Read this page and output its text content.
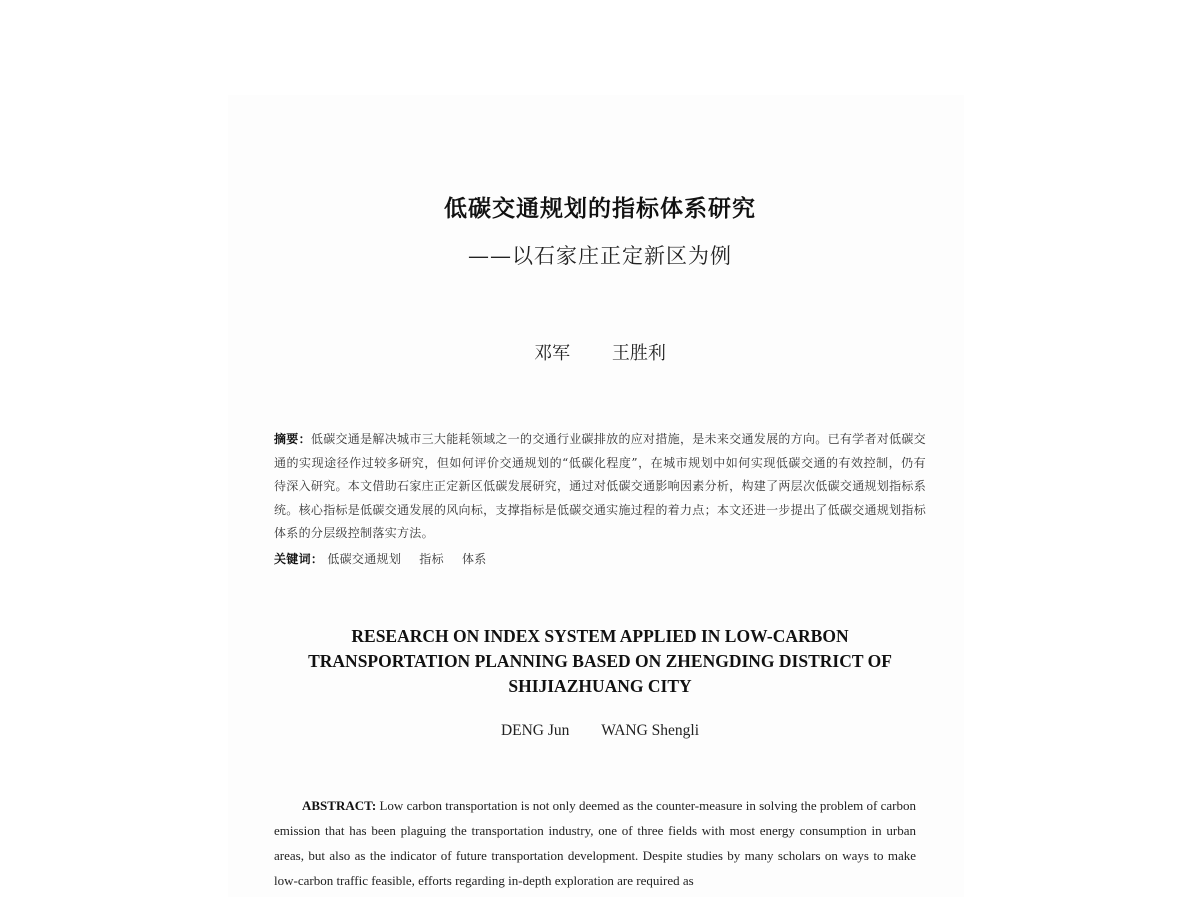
低碳交通规划的指标体系研究
——以石家庄正定新区为例
邓军 王胜利
摘要：低碳交通是解决城市三大能耗领域之一的交通行业碳排放的应对措施，是未来交通发展的方向。已有学者对低碳交通的实现途径作过较多研究，但如何评价交通规划的“低碳化程度”，在城市规划中如何实现低碳交通的有效控制，仍有待深入研究。本文借助石家庄正定新区低碳发展研究，通过对低碳交通影响因素分析，构建了两层次低碳交通规划指标系统。核心指标是低碳交通发展的风向标，支撑指标是低碳交通实施过程的着力点；本文还进一步提出了低碳交通规划指标体系的分层级控制落实方法。
关键词： 低碳交通规划 指标 体系
RESEARCH ON INDEX SYSTEM APPLIED IN LOW-CARBON TRANSPORTATION PLANNING BASED ON ZHENGDING DISTRICT OF SHIJIAZHUANG CITY
DENG Jun WANG Shengli
ABSTRACT: Low carbon transportation is not only deemed as the counter-measure in solving the problem of carbon emission that has been plaguing the transportation industry, one of three fields with most energy consumption in urban areas, but also as the indicator of future transportation development. Despite studies by many scholars on ways to make low-carbon traffic feasible, efforts regarding in-depth exploration are required as
